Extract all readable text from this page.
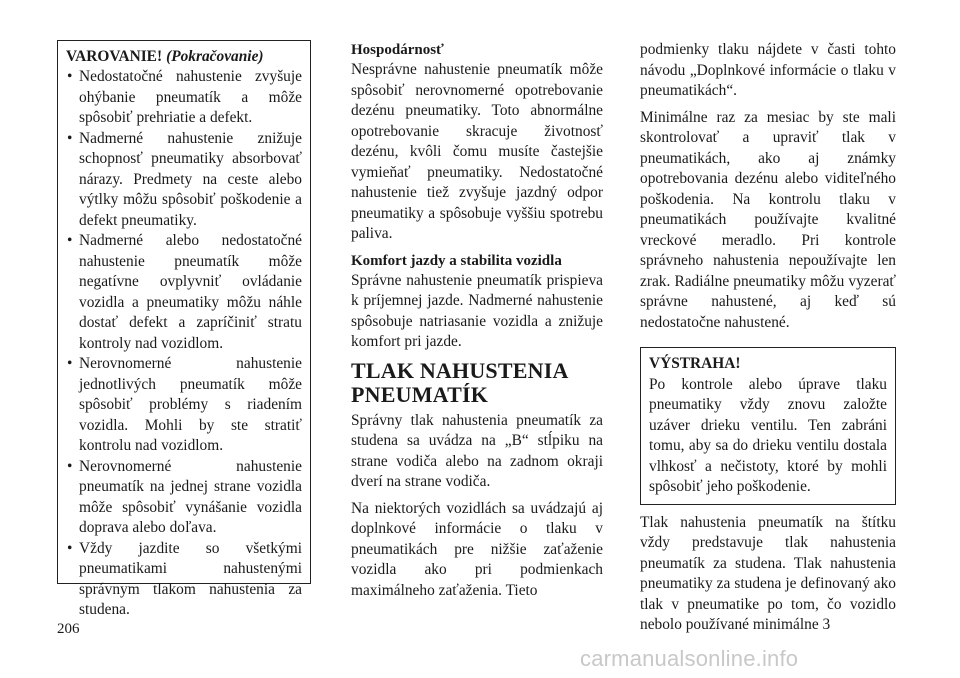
VAROVANIE! (Pokračovanie)
• Nedostatočné nahustenie zvyšuje ohýbanie pneumatík a môže spôsobiť prehriatie a defekt.
• Nadmerné nahustenie znižuje schopnosť pneumatiky absorbovať nárazy. Predmety na ceste alebo výtlky môžu spôsobiť poškodenie a defekt pneumatiky.
• Nadmerné alebo nedostatočné nahustenie pneumatík môže negatívne ovplyvniť ovládanie vozidla a pneumatiky môžu náhle dostať defekt a zapríčiniť stratu kontroly nad vozidlom.
• Nerovnomerné nahustenie jednotlivých pneumatík môže spôsobiť problémy s riadením vozidla. Mohli by ste stratiť kontrolu nad vozidlom.
• Nerovnomerné nahustenie pneumatík na jednej strane vozidla môže spôsobiť vynášanie vozidla doprava alebo doľava.
• Vždy jazdite so všetkými pneumatikami nahustenými správnym tlakom nahustenia za studena.
Hospodárnosť

Nesprávne nahustenie pneumatík môže spôsobiť nerovnomerné opotrebovanie dezénu pneumatiky. Toto abnormálne opotrebovanie skracuje životnosť dezénu, kvôli čomu musíte častejšie vymieňať pneumatiky. Nedostatočné nahustenie tiež zvyšuje jazdný odpor pneumatiky a spôsobuje vyššiu spotrebu paliva.

Komfort jazdy a stabilita vozidla

Správne nahustenie pneumatík prispieva k príjemnej jazde. Nadmerné nahustenie spôsobuje natriasanie vozidla a znižuje komfort pri jazde.

TLAK NAHUSTENIA
PNEUMATÍK

Správny tlak nahustenia pneumatík za studena sa uvádza na „B“ stĺpiku na strane vodiča alebo na zadnom okraji dverí na strane vodiča.

Na niektorých vozidlách sa uvádzajú aj doplnkové informácie o tlaku v pneumatikách pre nižšie zaťaženie vozidla ako pri podmienkach maximálneho zaťaženia. Tieto

podmienky tlaku nájdete v časti tohto návodu „Doplnkové informácie o tlaku v pneumatikách“.

Minimálne raz za mesiac by ste mali skontrolovať a upraviť tlak v pneumatikách, ako aj známky opotrebovania dezénu alebo viditeľného poškodenia. Na kontrolu tlaku v pneumatikách používajte kvalitné vreckové meradlo. Pri kontrole správneho nahustenia nepoužívajte len zrak. Radiálne pneumatiky môžu vyzerať správne nahustené, aj keď sú nedostatočne nahustené.

VÝSTRAHA!

Po kontrole alebo úprave tlaku pneumatiky vždy znovu založte uzáver drieku ventilu. Ten zabráni tomu, aby sa do drieku ventilu dostala vlhkosť a nečistoty, ktoré by mohli spôsobiť jeho poškodenie.

Tlak nahustenia pneumatík na štítku vždy predstavuje tlak nahustenia pneumatík za studena. Tlak nahustenia pneumatiky za studena je definovaný ako tlak v pneumatike po tom, čo vozidlo nebolo používané minimálne 3

206
carmanualsonline.info
